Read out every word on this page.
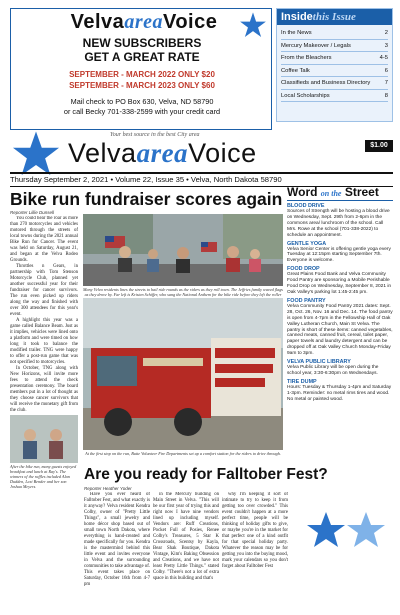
VelvaareaVoice
NEW SUBSCRIBERS
GET A GREAT RATE
SEPTEMBER - MARCH 2022 ONLY $20
SEPTEMBER - MARCH 2023 ONLY $60
Mail check to PO Box 630, Velva, ND 58790
or call Becky 701-338-2599 with your credit card
Insidethis Issue
In the News	2
Mercury Makeover / Legals	3
From the Bleachers	4-5
Coffee Talk	6
Classifieds and Business Directory	7
Local Scholarships	8
Your best source in the best City area
$1.00
VelvaareaVoice
Thursday September 2, 2021 • Volume 22, Issue 35 • Velva, North Dakota 58790
Bike run fundraiser scores again
Reporter Lillie Dunsell

You could hear the roar as more than 270 motorcycles and vehicles motored through the streets of local towns during the 2021 annual Bike Run for Cancer. The event was held on Saturday, August 21, and began at the Velva Rodeo Grounds.

Throttles n Gears, in partnership with Tom Stenson Motorcycle Club, planned yet another successful year for their fundraiser for cancer survivors. The run even picked up riders along the way and finished with over 300 attendees for this year's event.

A highlight this year was a game called Balance Beam. Just as it implies, vehicles were lined onto a platform and were timed on how long it took to balance the modified trailer. TNG were happy to offer a post-run game that was not specified to motorcycles.

In October, TNG along with New Horizons, will invite more fees to attend the check presentation ceremony. The board members put in a lot of thought as they choose cancer survivors that will receive the monetary gift from the club.

Many Velva residents lines the streets to hail ride rounds as the riders as they roll town. The Jeffries family waved flags as they drove by. Far left is Kristen Schiffer, who sang the National Anthem for the bike ride before they left the roller
At the first stop on the run, Butte Volunteer Fire Departments set up a comfort station for the riders to drive through.
After the bike run, many guests enjoyed breakfast and lunch at Ray's. The winners of the raffles included Alan Dudden, Lexi Bender and her son Joshua Meyers.
Are you ready for Falltober Fest?
Reporter Heather Yoder

Have you ever heard of Falltober Fest, and what exactly is it anyway? Velva resident Kendra Colby, owner of "Pretty Little Things", a small jewelry and home décor shop based out of small town North Dakota, where everything is hand-created and made specifically for you. Kendra is the mastermind behind this little event and invites everyone in Velva and the surrounding communities to take advantage of. This event takes place on Saturday, October 16th from 4-7 pm

in the Mercury building on Main Street in Velva. "This will be our first year of trying this and right now I have nine vendors lined up including myself. Vendors are: Ruff Creations, Pocket Full of Posies, Renee Colby's Treasures, 5 Star K Crossroads, Scentsy by Kayla, Bear Shak Boutique, Dakota Vintage, Kim's Baking Obsession and Creations, and we have not least Pretty Little Things." stated Colby. "There's not a lot of extra space in this building and that's

why I'm keeping it sort of intimate to try to keep it from getting too over crowded." This event couldn't happen at a more perfect time, people will be thinking of holiday gifts to give, or maybe you're in the market for that perfect one of a kind outfit for that special holiday party. Whatever the reason may be for getting you into the buying mood, mark your calendars so you don't forget about Falltober Fest

Word on the Street
BLOOD DRIVE
Sources of Strength will be hosting a blood drive on Wednesday, Sept. 29th from 2-6pm in the commons area/ lunchroom of the school. Call Mrs. Rowe at the school (701-338-2022) to schedule an appointment.
GENTLE YOGA
Velva Senior Center is offering gentle yoga every Tuesday at 12:15pm starting September 7th. Everyone is welcome.
FOOD DROP
Great Plains Food Bank and Velva Community Food Pantry are sponsoring a Mobile Perishable Food Drop on Wednesday, September 8, 2021 in Oak Valley's parking lot 1:45-2:45 pm.
FOOD PANTRY
Velva Community Food Pantry 2021 dates: Sept. 28, Oct. 26, Nov. 16 and Dec. 14. The food pantry is open from 4-7pm in the Fellowship Hall of Oak Valley Lutheran Church, Main St Velva. The pantry is short of these items: canned vegetables, canned meats, canned fruit, cereal, toilet paper, paper towels and laundry detergent and can be dropped off at Oak Valley Church Monday-Friday 9am to 3pm.
VELVA PUBLIC LIBRARY
Velva Public Library will be open during the school year, 3:30-6:30pm on Wednesdays.
TIRE DUMP
Hours: Tuesday & Thursday 1-4pm and Saturday 1-3pm. Reminder: no metal rims tires and wood. No metal or painted wood.
